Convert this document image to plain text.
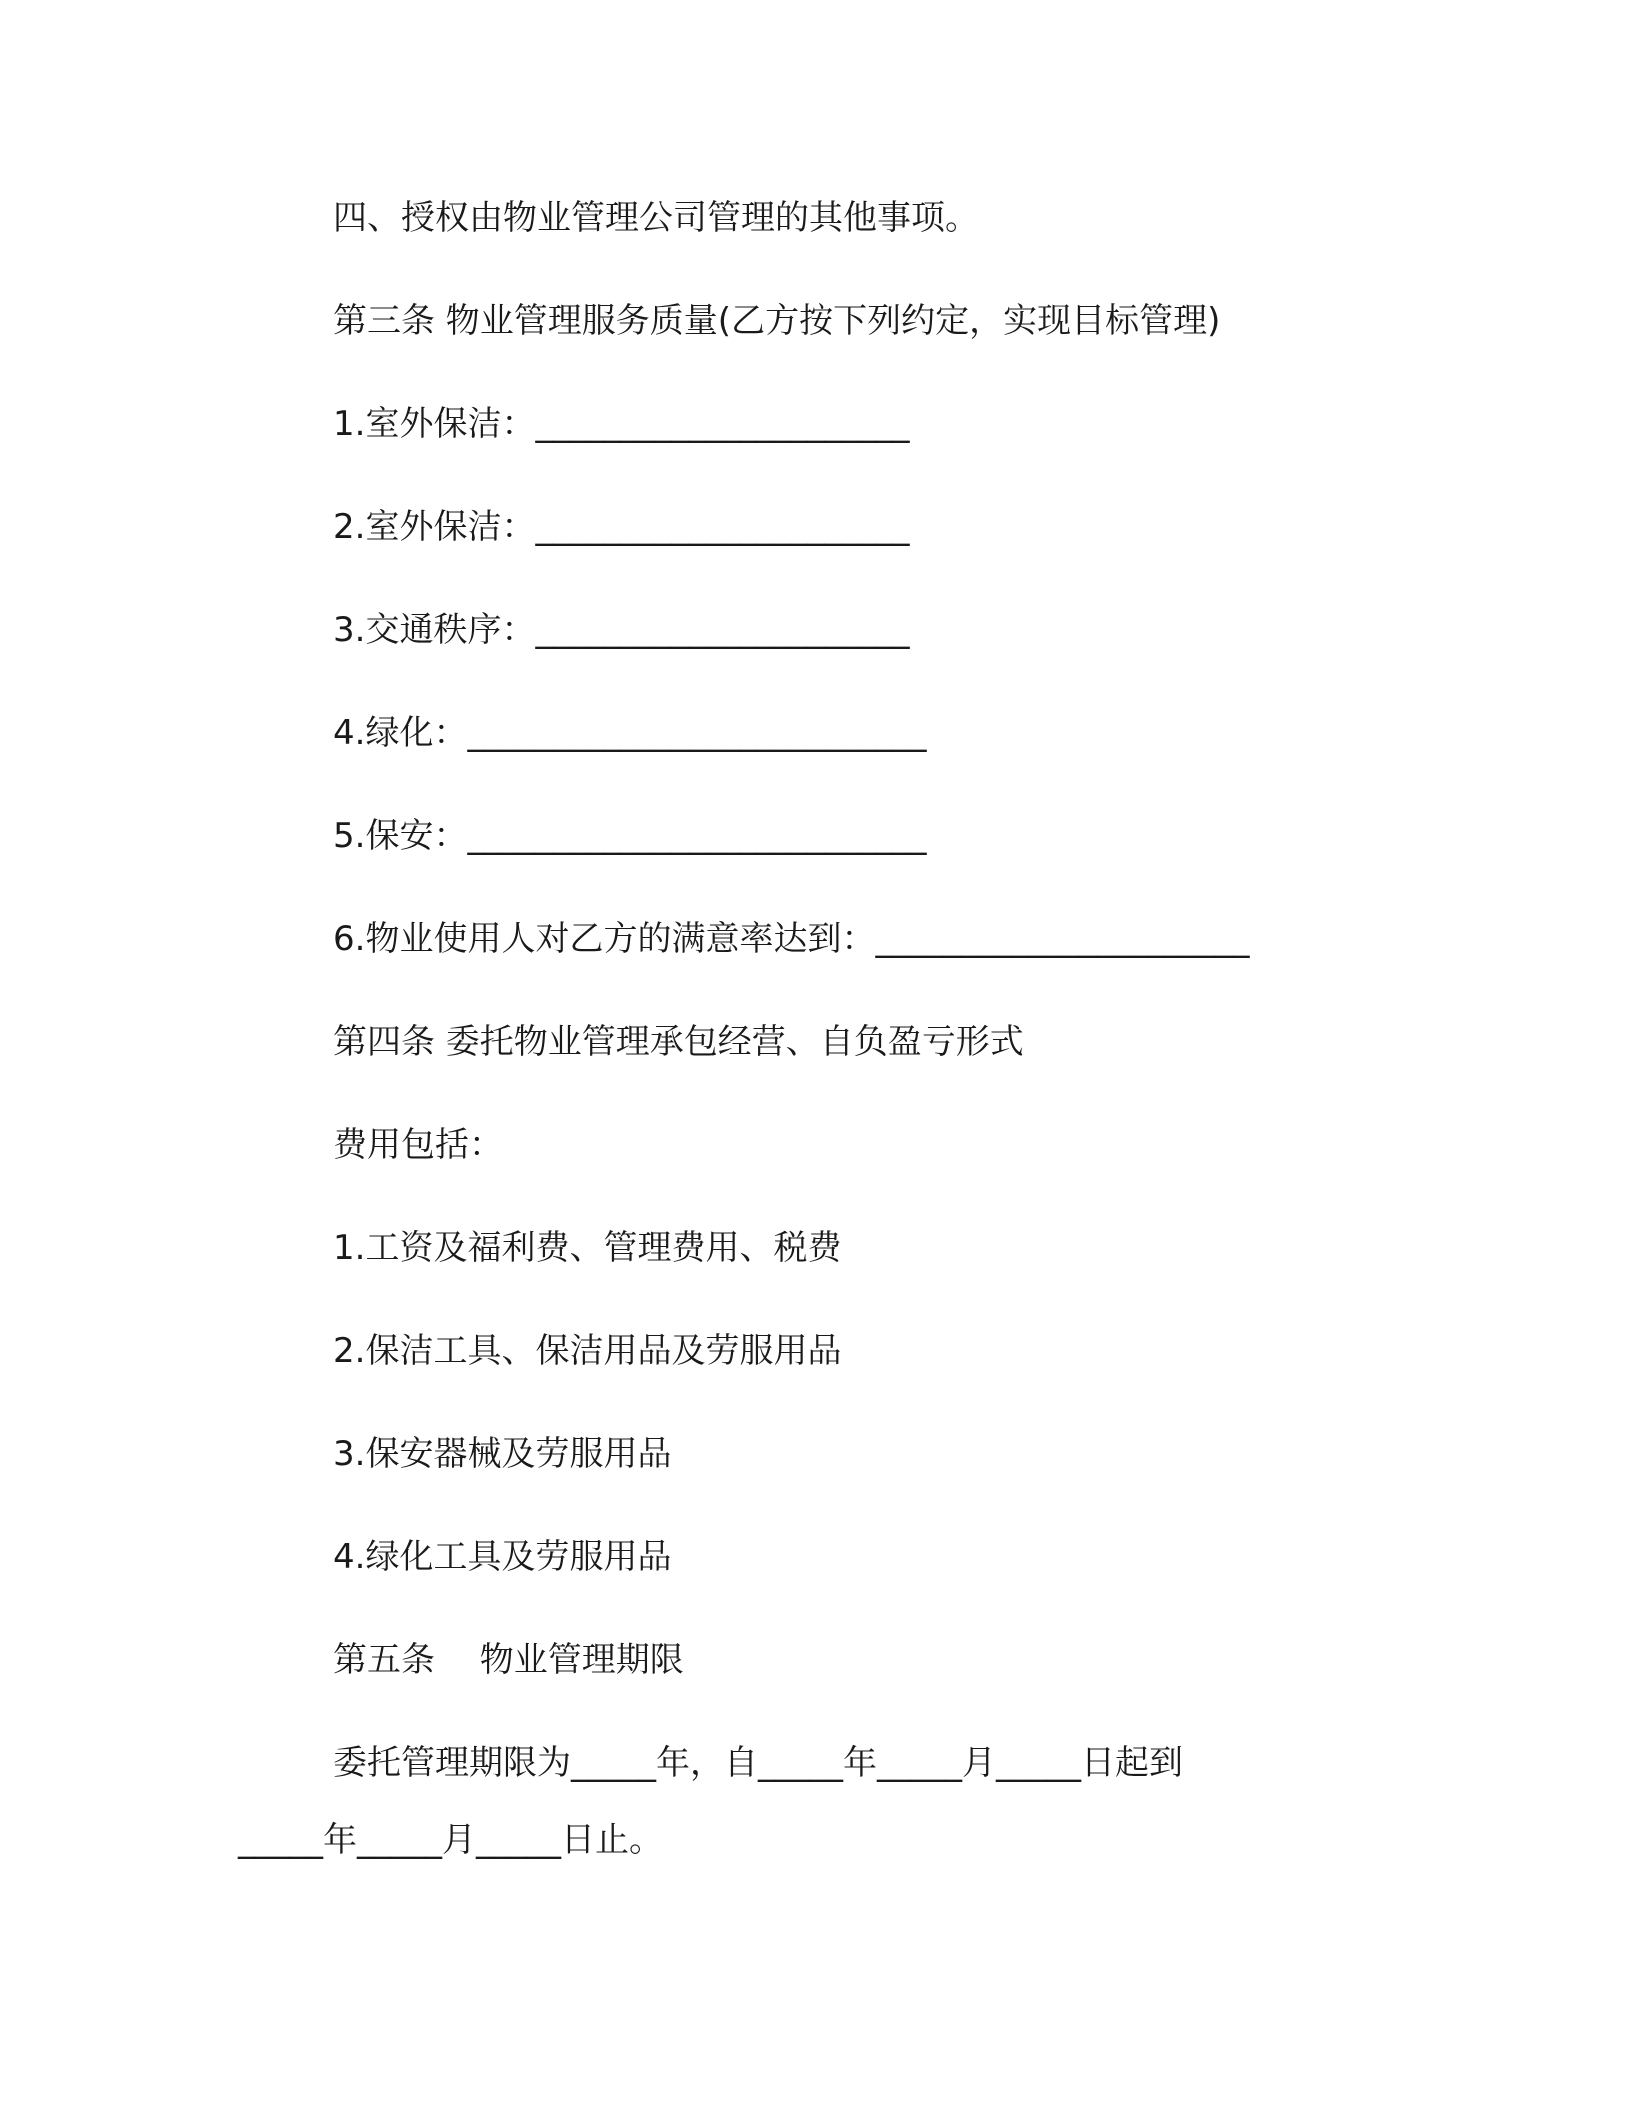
四、授权由物业管理公司管理的其他事项。
第三条 物业管理服务质量(乙方按下列约定，实现目标管理)
1.室外保洁：______________________
2.室外保洁：______________________
3.交通秩序：______________________
4.绿化：___________________________
5.保安：___________________________
6.物业使用人对乙方的满意率达到：______________________
第四条 委托物业管理承包经营、自负盈亏形式
费用包括：
1.工资及福利费、管理费用、税费
2.保洁工具、保洁用品及劳服用品
3.保安器械及劳服用品
4.绿化工具及劳服用品
第五条　 物业管理期限
委托管理期限为_____年，自_____年_____月_____日起到
_____年_____月_____日止。
